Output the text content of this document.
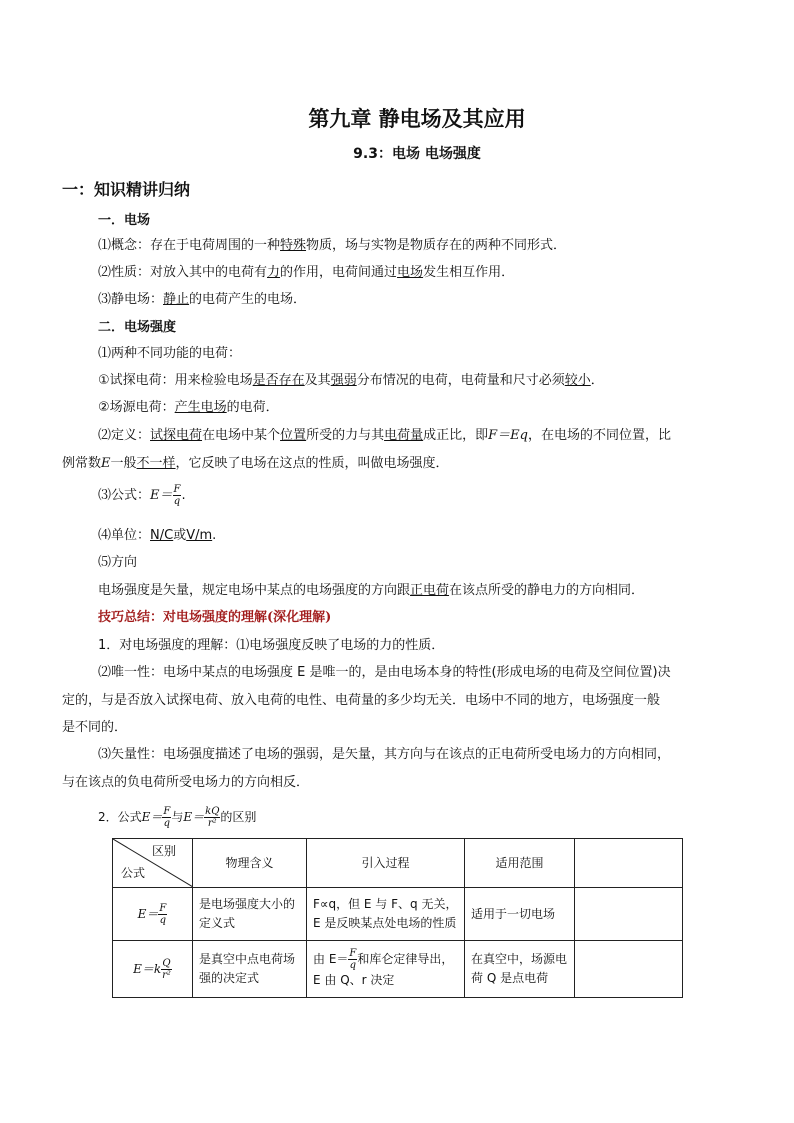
第九章 静电场及其应用
9.3：电场 电场强度
一：知识精讲归纳
一．电场
⑴概念：存在于电荷周围的一种特殊物质，场与实物是物质存在的两种不同形式．
⑵性质：对放入其中的电荷有力的作用，电荷间通过电场发生相互作用．
⑶静电场：静止的电荷产生的电场．
二．电场强度
⑴两种不同功能的电荷：
①试探电荷：用来检验电场是否存在及其强弱分布情况的电荷，电荷量和尺寸必须较小．
②场源电荷：产生电场的电荷．
⑵定义：试探电荷在电场中某个位置所受的力与其电荷量成正比，即F＝Eq，在电场的不同位置，比
例常数E一般不一样，它反映了电场在这点的性质，叫做电场强度．
⑶公式：$E= \frac{F}{q}$ .
⑷单位：N/C或V/m.
⑸方向
电场强度是矢量，规定电场中某点的电场强度的方向跟正电荷在该点所受的静电力的方向相同．
技巧总结：对电场强度的理解(深化理解)
1．对电场强度的理解：⑴电场强度反映了电场的力的性质．
⑵唯一性：电场中某点的电场强度 E 是唯一的，是由电场本身的特性(形成电场的电荷及空间位置)决
定的，与是否放入试探电荷、放入电荷的电性、电荷量的多少均无关．电场中不同的地方，电场强度一般
是不同的．
⑶矢量性：电场强度描述了电场的强弱，是矢量，其方向与在该点的正电荷所受电场力的方向相同，
与在该点的负电荷所受电场力的方向相反．
2．公式$E= \frac{F}{q}$ 与$E= \frac{kQ}{\text{r²}}$ 的区别
区别
公式	物理含义	引入过程	适用范围	
$E= \frac{F}{q}$	是电场强度大小的定义式	F∝q，但 E 与 F、q 无关，E 是反映某点处电场的性质	适用于一切电场	
$E=k \frac{Q}{\text{r²}}$	是真空中点电荷场强的决定式	由 $E= \frac{F}{q}$ 和库仑定律导出，E 由 Q、r 决定	在真空中，场源电荷 Q 是点电荷	
